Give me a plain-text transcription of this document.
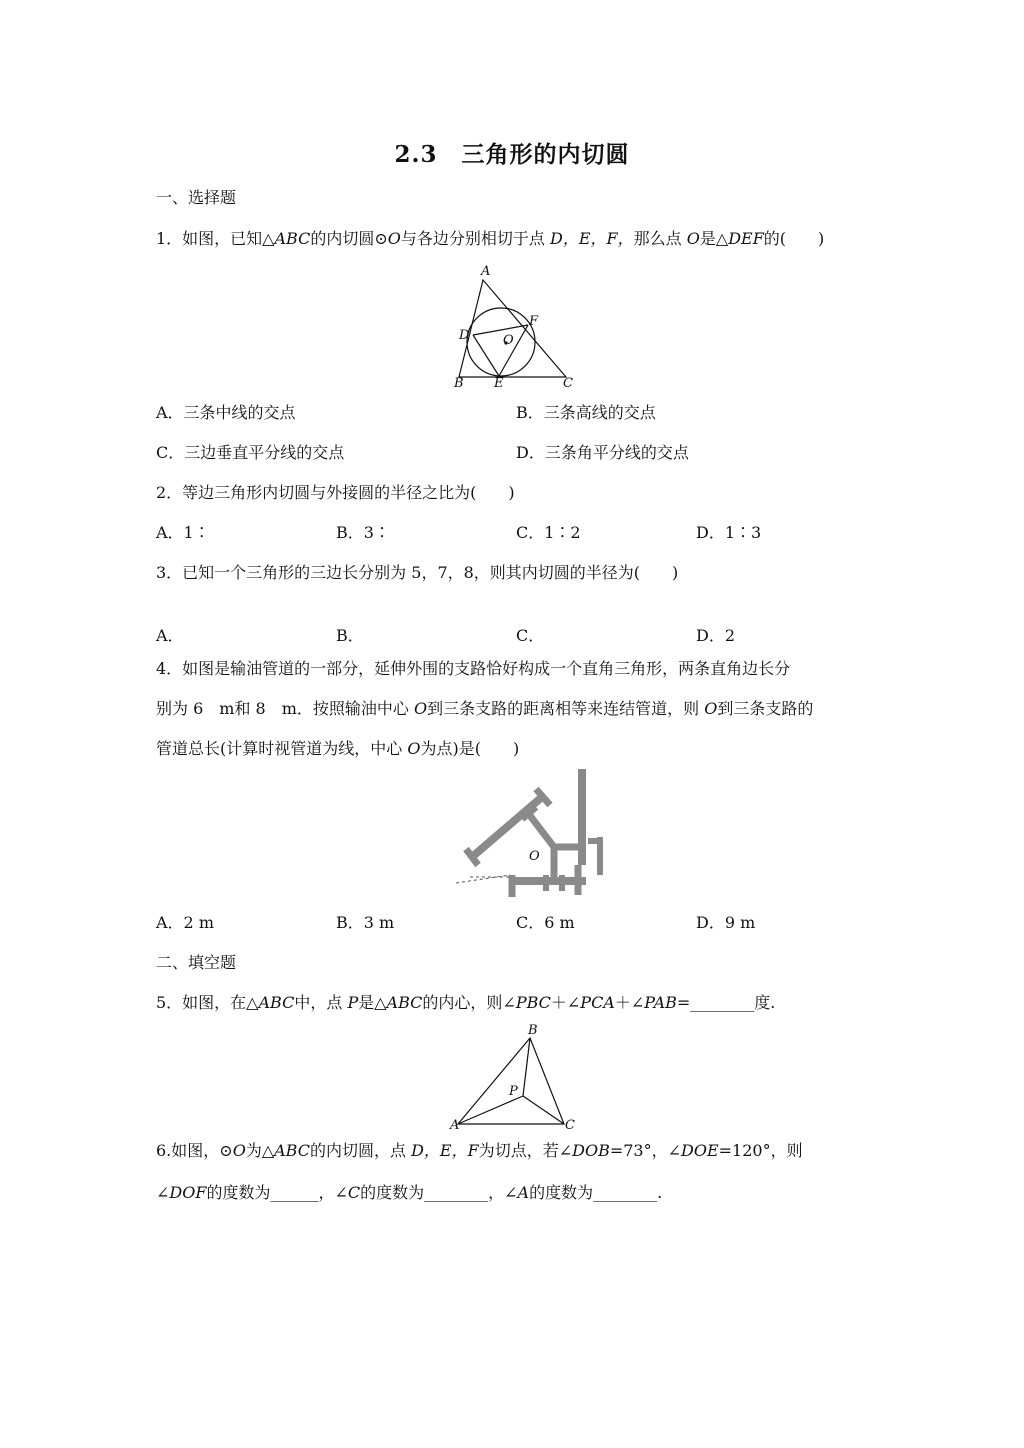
2.3　三角形的内切圆
一、选择题
1．如图，已知△ABC的内切圆⊙O与各边分别相切于点 D，E，F，那么点 O是△DEF的(　　)
A
B	C
D
E
F
O
A．三条中线的交点	B．三条高线的交点
C．三边垂直平分线的交点	D．三条角平分线的交点
2．等边三角形内切圆与外接圆的半径之比为(　　)
A．1∶	B．3∶	C．1∶2	D．1∶3
3．已知一个三角形的三边长分别为 5，7，8，则其内切圆的半径为(　　)
A．	B．	C．	D．2
4．如图是输油管道的一部分，延伸外围的支路恰好构成一个直角三角形，两条直角边长分
别为 6　m和 8　m．按照输油中心 O到三条支路的距离相等来连结管道，则 O到三条支路的
管道总长(计算时视管道为线，中心 O为点)是(　　)
O
A．2 m	B．3 m	C．6 m	D．9 m
二、填空题
5．如图，在△ABC中，点 P是△ABC的内心，则∠PBC＋∠PCA＋∠PAB=________度.
B
A	C
P
6.如图，⊙O为△ABC的内切圆，点 D，E，F为切点，若∠DOB=73°，∠DOE=120°，则
∠DOF的度数为______，∠C的度数为________，∠A的度数为________.
